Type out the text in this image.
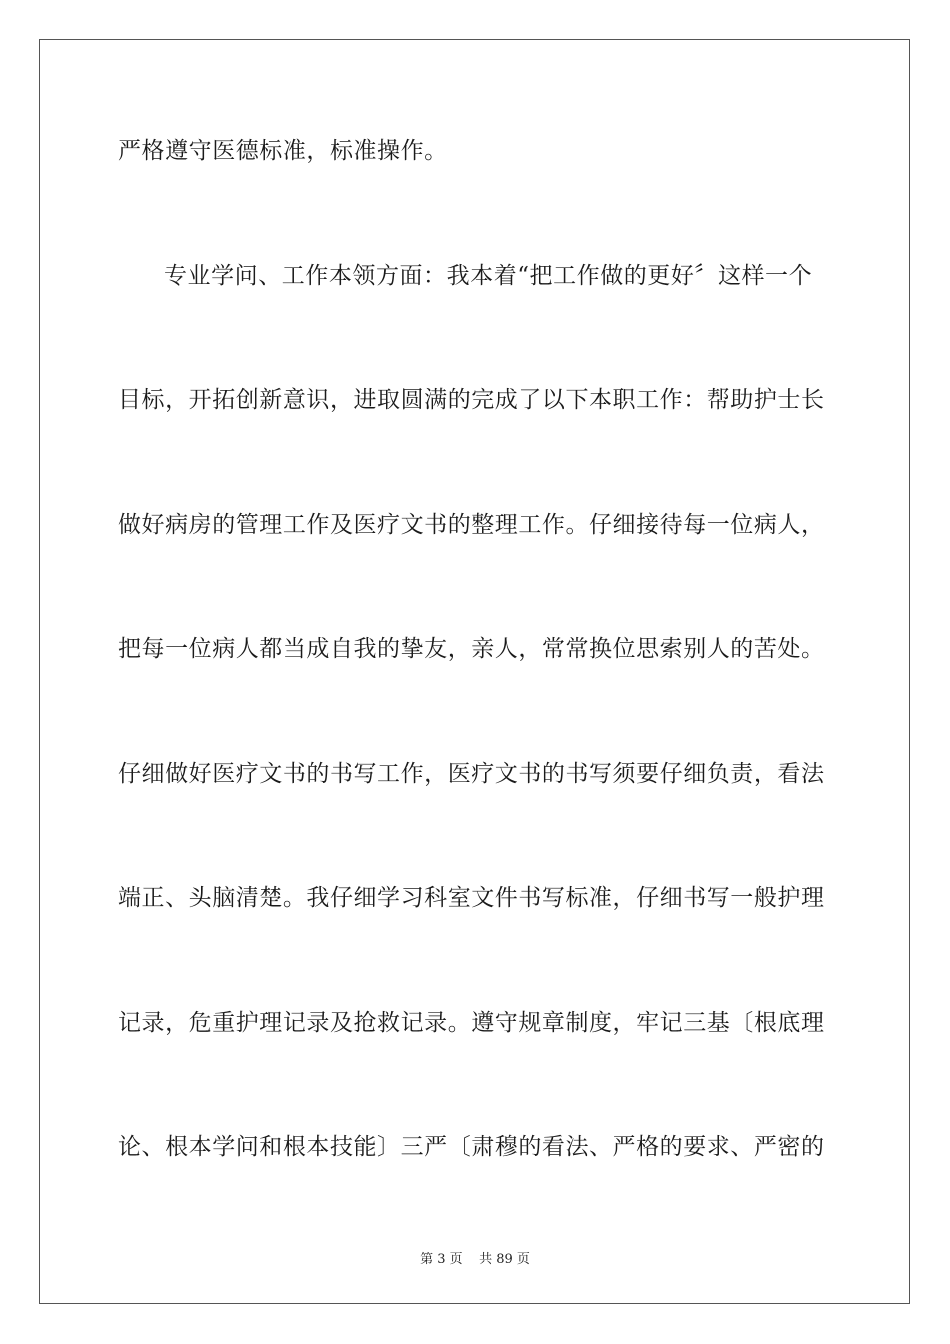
严格遵守医德标准，标准操作。
专业学问、工作本领方面：我本着“把工作做的更好〞这样一个
目标，开拓创新意识，进取圆满的完成了以下本职工作：帮助护士长
做好病房的管理工作及医疗文书的整理工作。仔细接待每一位病人，
把每一位病人都当成自我的挚友，亲人，常常换位思索别人的苦处。
仔细做好医疗文书的书写工作，医疗文书的书写须要仔细负责，看法
端正、头脑清楚。我仔细学习科室文件书写标准，仔细书写一般护理
记录，危重护理记录及抢救记录。遵守规章制度，牢记三基〔根底理
论、根本学问和根本技能〕三严〔肃穆的看法、严格的要求、严密的
第 3 页    共 89 页
